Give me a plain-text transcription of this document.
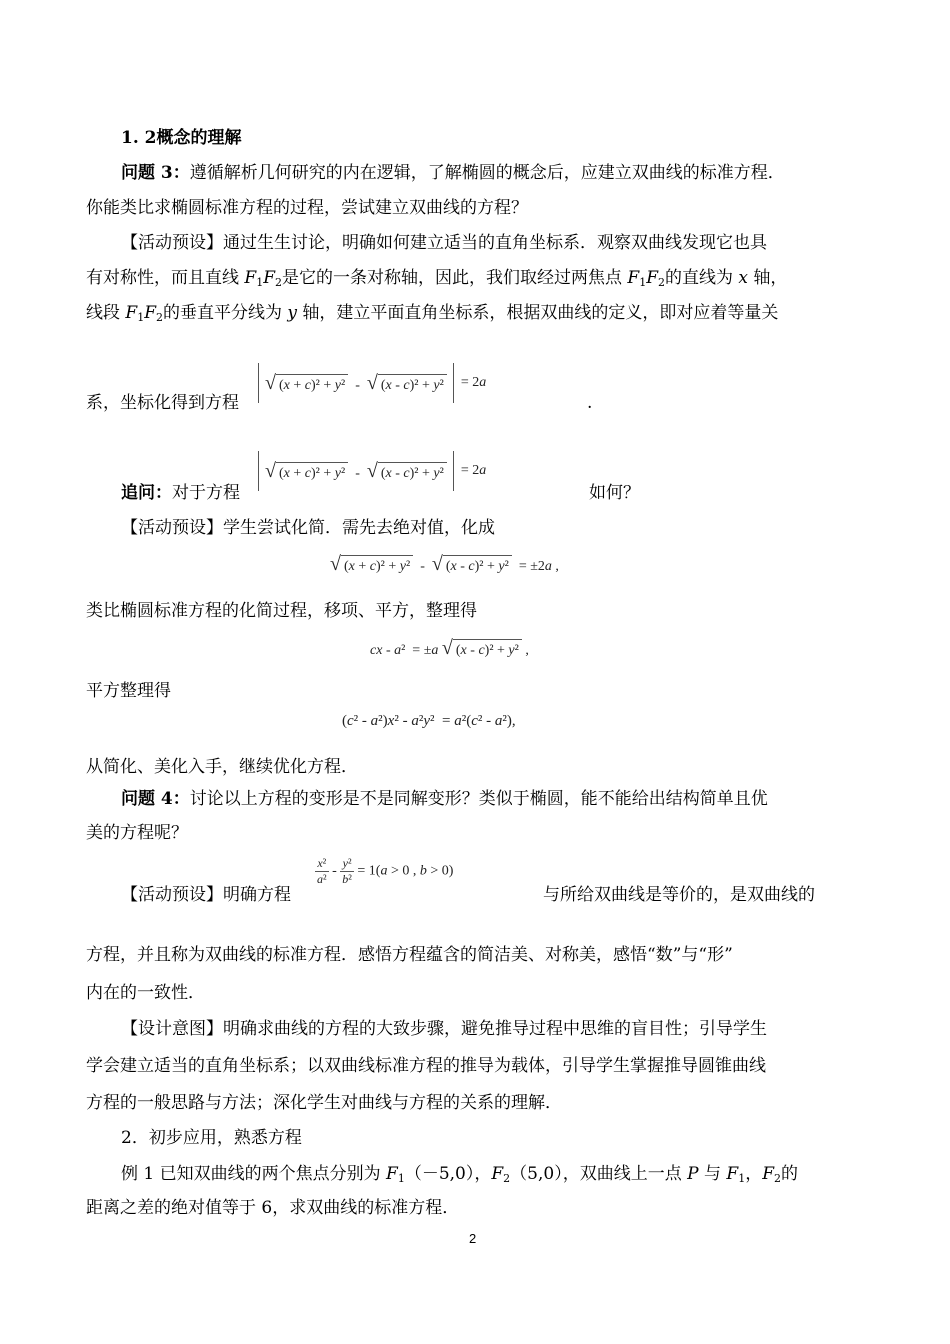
1. 2概念的理解
问题 3：遵循解析几何研究的内在逻辑，了解椭圆的概念后，应建立双曲线的标准方程．
你能类比求椭圆标准方程的过程，尝试建立双曲线的方程？
【活动预设】通过生生讨论，明确如何建立适当的直角坐标系．观察双曲线发现它也具
有对称性，而且直线 $F_1F_2$是它的一条对称轴，因此，我们取经过两焦点 $F_1F_2$的直线为 x 轴，
线段 $F_1F_2$的垂直平分线为 y 轴，建立平面直角坐标系，根据双曲线的定义，即对应着等量关
系，坐标化得到方程	.
√ (x + c)² + y²  -  √ (x - c)² + y²  = 2a
追问：对于方程
√ (x + c)² + y²  -  √ (x - c)² + y²  = 2a
如何？
【活动预设】学生尝试化简．需先去绝对值，化成
√ (x + c)² + y²  -  √ (x - c)² + y²  = ±2a ,
类比椭圆标准方程的化简过程，移项、平方，整理得
cx - a²  = ±a √ (x - c)² + y² ,
平方整理得
(c² - a²)x² - a²y²  = a²(c² - a²),
从简化、美化入手，继续优化方程．
问题 4：讨论以上方程的变形是不是同解变形？类似于椭圆，能不能给出结构简单且优
美的方程呢？
【活动预设】明确方程
$\frac{\text{x²}}{\text{a²}} - \frac{\text{y²}}{\text{b²}} = 1(a > 0$ , b > 0)
与所给双曲线是等价的，是双曲线的
方程，并且称为双曲线的标准方程．感悟方程蕴含的简洁美、对称美，感悟“数”与“形”
内在的一致性．
【设计意图】明确求曲线的方程的大致步骤，避免推导过程中思维的盲目性；引导学生
学会建立适当的直角坐标系；以双曲线标准方程的推导为载体，引导学生掌握推导圆锥曲线
方程的一般思路与方法；深化学生对曲线与方程的关系的理解．
2．初步应用，熟悉方程
例 1 已知双曲线的两个焦点分别为 $F_1(-5,0)$，$F_2(5,0)$，双曲线上一点 P 与 $F_1$，$F_2$的
距离之差的绝对值等于 6，求双曲线的标准方程．
2
